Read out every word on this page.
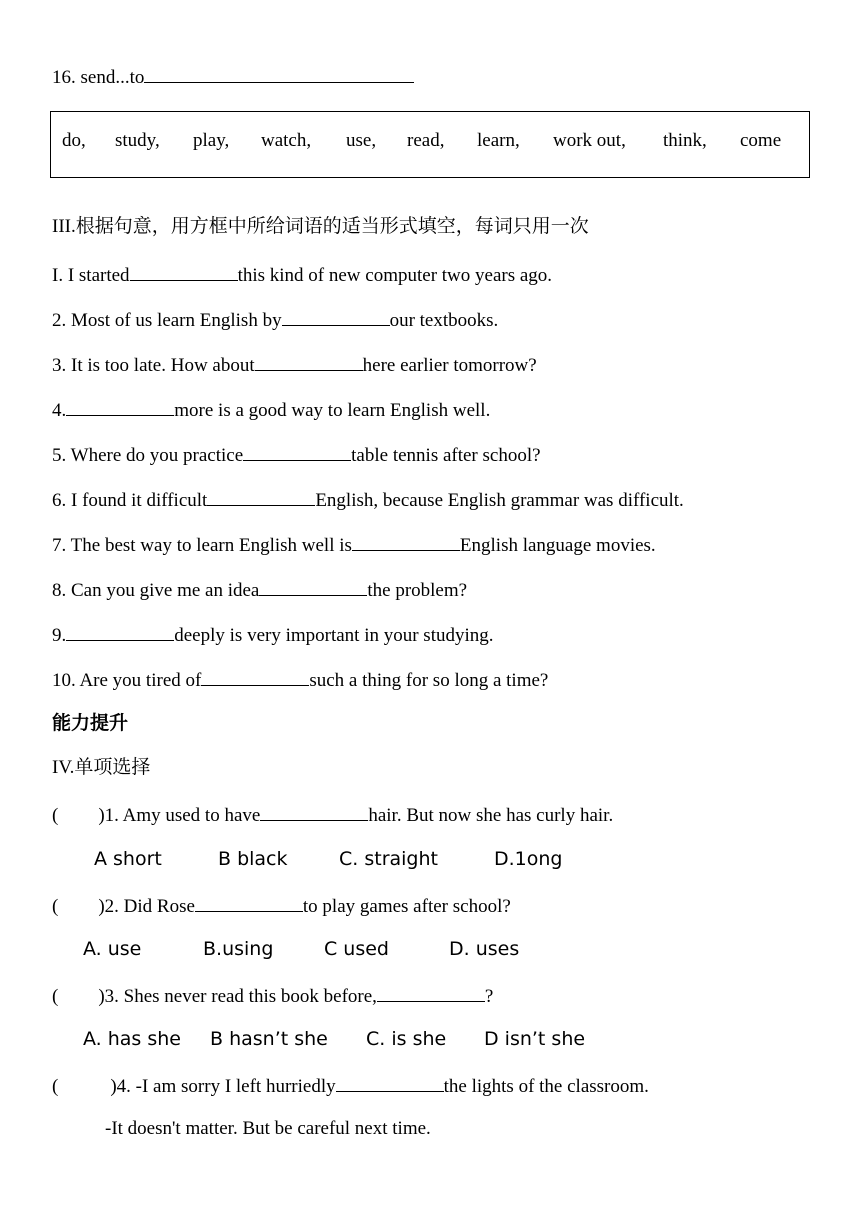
16. send...to
do, study, play, watch, use, read, learn, work out, think, come
III.根据句意，用方框中所给词语的适当形式填空，每词只用一次
I. I started	this kind of new computer two years ago.
2. Most of us learn English by	our textbooks.
3. It is too late. How about	here earlier tomorrow?
4.	more is a good way to learn English well.
5. Where do you practice	table tennis after school?
6. I found it difficult	English, because English grammar was difficult.
7. The best way to learn English well is	English language movies.
8. Can you give me an idea	the problem?
9.	deeply is very important in your studying.
10. Are you tired of	such a thing for so long a time?
能力提升
IV.单项选择
( )1. Amy used to have	hair. But now she has curly hair.
A short	B black	C. straight	D.1ong
( )2. Did Rose	to play games after school?
A. use	B.using	C used	D. uses
( )3. Shes never read this book before,	?
A. has she B hasn’t she C. is she D isn’t she
(	)4. -I am sorry I left hurriedly	the lights of the classroom.
-It doesn't matter. But be careful next time.
